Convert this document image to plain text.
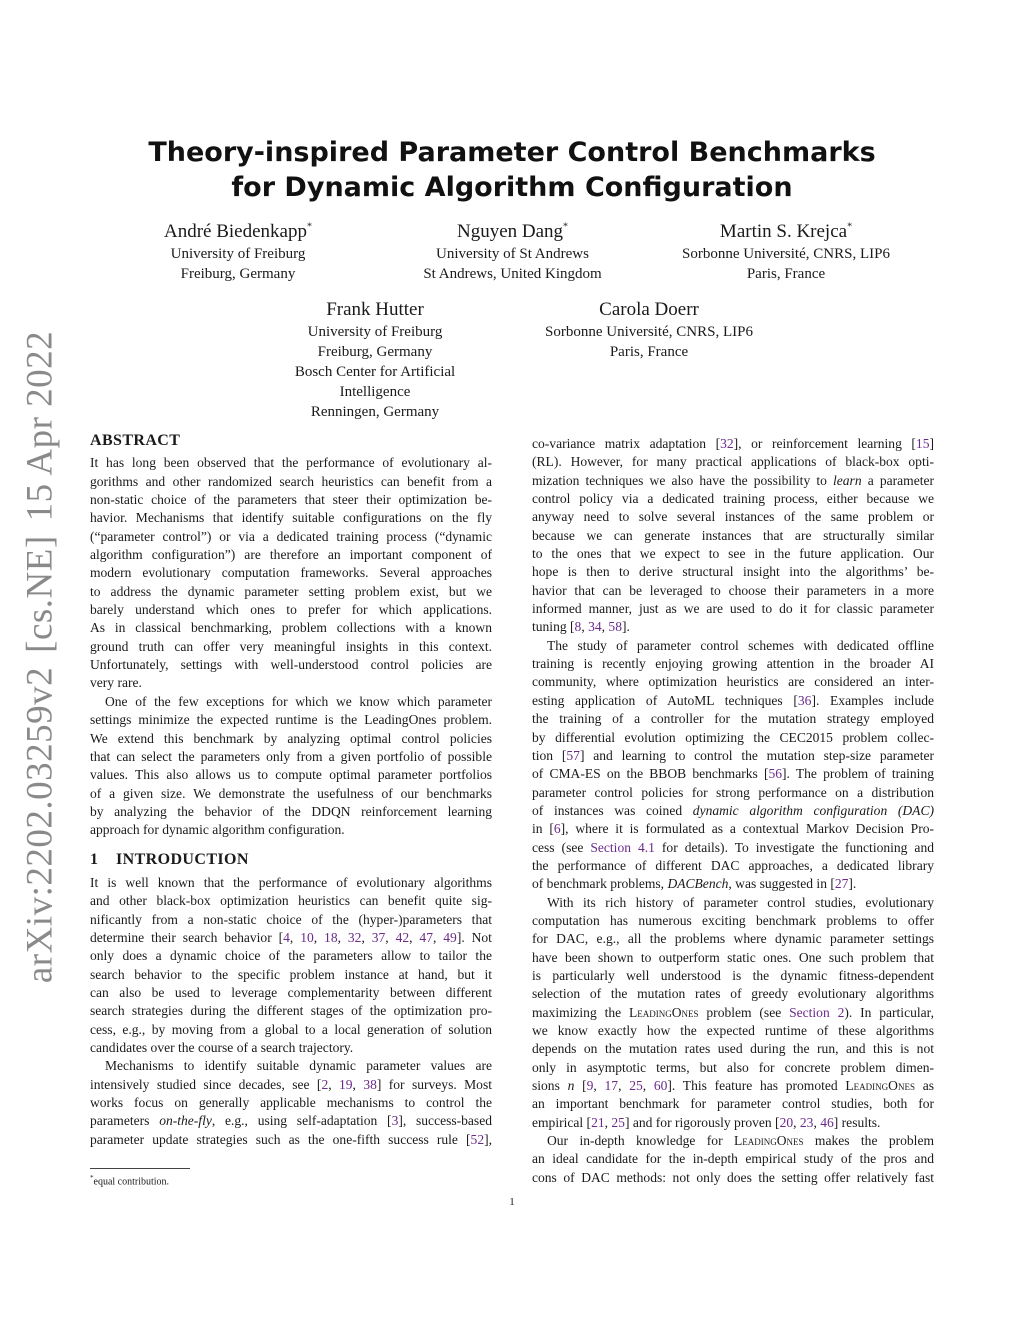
arXiv:2202.03259v2[cs.NE]15 Apr 2022
Theory-inspired Parameter Control Benchmarks
for Dynamic Algorithm Configuration
André Biedenkapp*
University of Freiburg
Freiburg, Germany
Nguyen Dang*
University of St Andrews
St Andrews, United Kingdom
Martin S. Krejca*
Sorbonne Université, CNRS, LIP6
Paris, France
Frank Hutter
University of Freiburg
Freiburg, Germany
Bosch Center for Artificial
Intelligence
Renningen, Germany
Carola Doerr
Sorbonne Université, CNRS, LIP6
Paris, France
ABSTRACT

It has long been observed that the performance of evolutionary al-
gorithms and other randomized search heuristics can benefit from a
non-static choice of the parameters that steer their optimization be-
havior. Mechanisms that identify suitable configurations on the fly
(“parameter control”) or via a dedicated training process (“dynamic
algorithm configuration”) are therefore an important component of
modern evolutionary computation frameworks. Several approaches
to address the dynamic parameter setting problem exist, but we
barely understand which ones to prefer for which applications.
As in classical benchmarking, problem collections with a known
ground truth can offer very meaningful insights in this context.
Unfortunately, settings with well-understood control policies are
very rare.

One of the few exceptions for which we know which parameter
settings minimize the expected runtime is the LeadingOnes problem.
We extend this benchmark by analyzing optimal control policies
that can select the parameters only from a given portfolio of possible
values. This also allows us to compute optimal parameter portfolios
of a given size. We demonstrate the usefulness of our benchmarks
by analyzing the behavior of the DDQN reinforcement learning
approach for dynamic algorithm configuration.

1 INTRODUCTION

It is well known that the performance of evolutionary algorithms
and other black-box optimization heuristics can benefit quite sig-
nificantly from a non-static choice of the (hyper-)parameters that
determine their search behavior [4, 10, 18, 32, 37, 42, 47, 49]. Not
only does a dynamic choice of the parameters allow to tailor the
search behavior to the specific problem instance at hand, but it
can also be used to leverage complementarity between different
search strategies during the different stages of the optimization pro-
cess, e.g., by moving from a global to a local generation of solution
candidates over the course of a search trajectory.

Mechanisms to identify suitable dynamic parameter values are
intensively studied since decades, see [2, 19, 38] for surveys. Most
works focus on generally applicable mechanisms to control the
parameters on-the-fly, e.g., using self-adaptation [3], success-based
parameter update strategies such as the one-fifth success rule [52],

co-variance matrix adaptation [32], or reinforcement learning [15]
(RL). However, for many practical applications of black-box opti-
mization techniques we also have the possibility to learn a parameter
control policy via a dedicated training process, either because we
anyway need to solve several instances of the same problem or
because we can generate instances that are structurally similar
to the ones that we expect to see in the future application. Our
hope is then to derive structural insight into the algorithms’ be-
havior that can be leveraged to choose their parameters in a more
informed manner, just as we are used to do it for classic parameter
tuning [8, 34, 58].

The study of parameter control schemes with dedicated offline
training is recently enjoying growing attention in the broader AI
community, where optimization heuristics are considered an inter-
esting application of AutoML techniques [36]. Examples include
the training of a controller for the mutation strategy employed
by differential evolution optimizing the CEC2015 problem collec-
tion [57] and learning to control the mutation step-size parameter
of CMA-ES on the BBOB benchmarks [56]. The problem of training
parameter control policies for strong performance on a distribution
of instances was coined dynamic algorithm configuration (DAC)
in [6], where it is formulated as a contextual Markov Decision Pro-
cess (see Section 4.1 for details). To investigate the functioning and
the performance of different DAC approaches, a dedicated library
of benchmark problems, DACBench, was suggested in [27].

With its rich history of parameter control studies, evolutionary
computation has numerous exciting benchmark problems to offer
for DAC, e.g., all the problems where dynamic parameter settings
have been shown to outperform static ones. One such problem that
is particularly well understood is the dynamic fitness-dependent
selection of the mutation rates of greedy evolutionary algorithms
maximizing the LeadingOnes problem (see Section 2). In particular,
we know exactly how the expected runtime of these algorithms
depends on the mutation rates used during the run, and this is not
only in asymptotic terms, but also for concrete problem dimen-
sions n [9, 17, 25, 60]. This feature has promoted LeadingOnes as
an important benchmark for parameter control studies, both for
empirical [21, 25] and for rigorously proven [20, 23, 46] results.

Our in-depth knowledge for LeadingOnes makes the problem
an ideal candidate for the in-depth empirical study of the pros and
cons of DAC methods: not only does the setting offer relatively fast

*equal contribution.
1
